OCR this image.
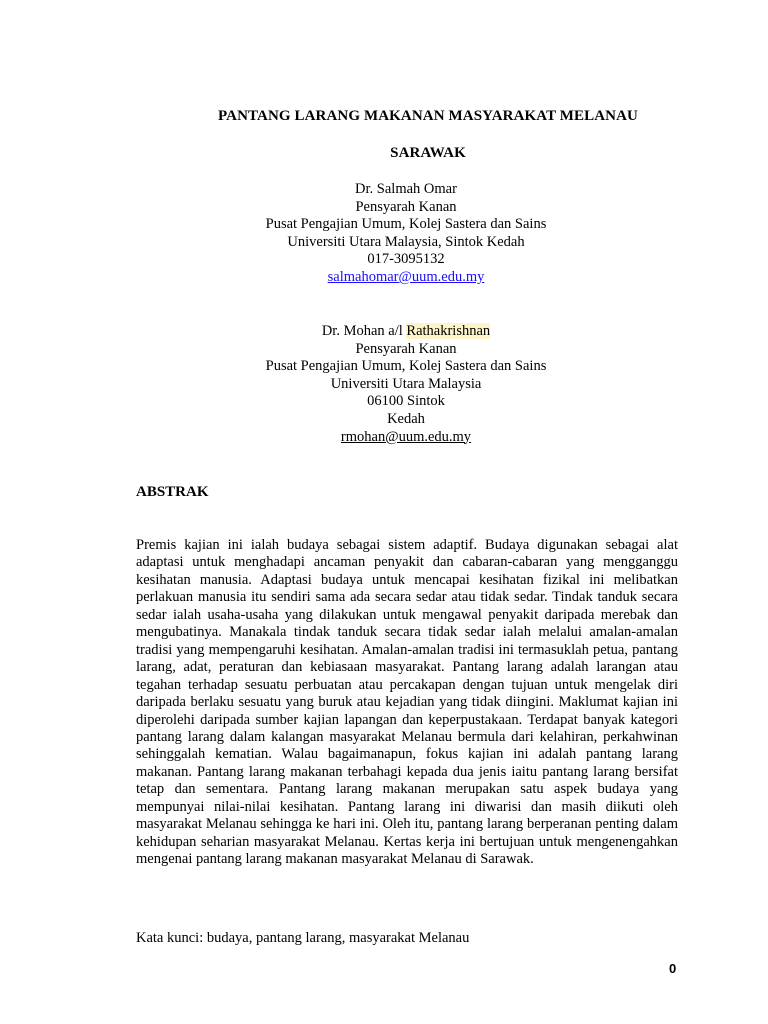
PANTANG LARANG MAKANAN MASYARAKAT MELANAU
SARAWAK
Dr. Salmah Omar
Pensyarah Kanan
Pusat Pengajian Umum, Kolej Sastera dan Sains
Universiti Utara Malaysia, Sintok Kedah
017-3095132
salmahomar@uum.edu.my
Dr. Mohan a/l Rathakrishnan
Pensyarah Kanan
Pusat Pengajian Umum, Kolej Sastera dan Sains
Universiti Utara Malaysia
06100 Sintok
Kedah
rmohan@uum.edu.my
ABSTRAK

Premis kajian ini ialah budaya sebagai sistem adaptif. Budaya digunakan sebagai alat adaptasi untuk menghadapi ancaman penyakit dan cabaran-cabaran yang mengganggu kesihatan manusia. Adaptasi budaya untuk mencapai kesihatan fizikal ini melibatkan perlakuan manusia itu sendiri sama ada secara sedar atau tidak sedar. Tindak tanduk secara sedar ialah usaha-usaha yang dilakukan untuk mengawal penyakit daripada merebak dan mengubatinya. Manakala tindak tanduk secara tidak sedar ialah melalui amalan-amalan tradisi yang mempengaruhi kesihatan. Amalan-amalan tradisi ini termasuklah petua, pantang larang, adat, peraturan dan kebiasaan masyarakat. Pantang larang adalah larangan atau tegahan terhadap sesuatu perbuatan atau percakapan dengan tujuan untuk mengelak diri daripada berlaku sesuatu yang buruk atau kejadian yang tidak diingini. Maklumat kajian ini diperolehi daripada sumber kajian lapangan dan keperpustakaan. Terdapat banyak kategori pantang larang dalam kalangan masyarakat Melanau bermula dari kelahiran, perkahwinan sehinggalah kematian. Walau bagaimanapun, fokus kajian ini adalah pantang larang makanan. Pantang larang makanan terbahagi kepada dua jenis iaitu pantang larang bersifat tetap dan sementara. Pantang larang makanan merupakan satu aspek budaya yang mempunyai nilai-nilai kesihatan. Pantang larang ini diwarisi dan masih diikuti oleh masyarakat Melanau sehingga ke hari ini. Oleh itu, pantang larang berperanan penting dalam kehidupan seharian masyarakat Melanau. Kertas kerja ini bertujuan untuk mengenengahkan mengenai pantang larang makanan masyarakat Melanau di Sarawak.

Kata kunci: budaya, pantang larang, masyarakat Melanau
0
